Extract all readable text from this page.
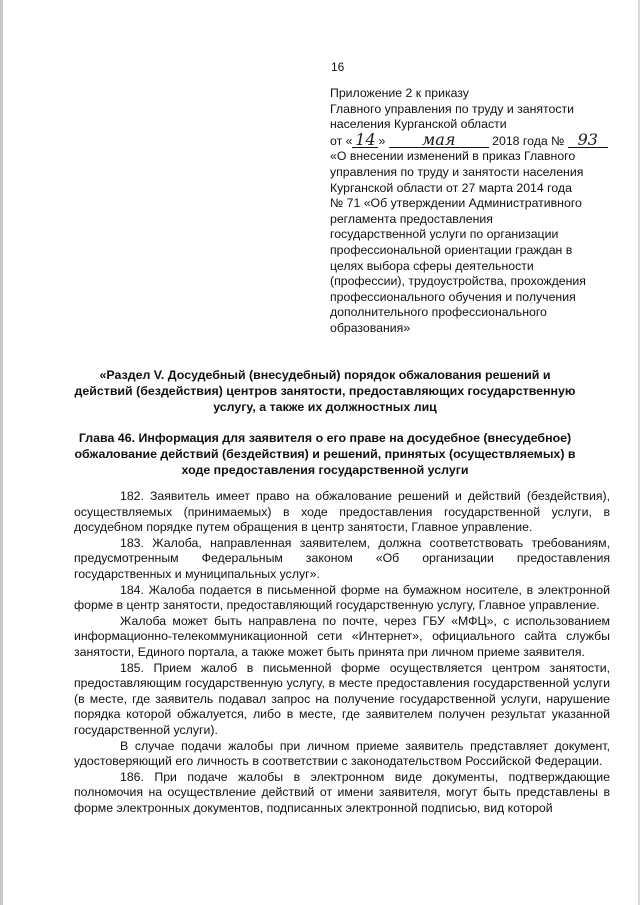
16
Приложение 2 к приказу
Главного управления по труду и занятости
населения Курганской области
от « 14 » мая	2018 года № 93
«О внесении изменений в приказ Главного
управления по труду и занятости населения
Курганской области от 27 марта 2014 года
№ 71 «Об утверждении Административного
регламента предоставления
государственной услуги по организации
профессиональной ориентации граждан в
целях выбора сферы деятельности
(профессии), трудоустройства, прохождения
профессионального обучения и получения
дополнительного профессионального
образования»
«Раздел V. Досудебный (внесудебный) порядок обжалования решений и действий (бездействия) центров занятости, предоставляющих государственную услугу, а также их должностных лиц
Глава 46. Информация для заявителя о его праве на досудебное (внесудебное) обжалование действий (бездействия) и решений, принятых (осуществляемых) в ходе предоставления государственной услуги

182. Заявитель имеет право на обжалование решений и действий (бездействия), осуществляемых (принимаемых) в ходе предоставления государственной услуги, в досудебном порядке путем обращения в центр занятости, Главное управление.

183. Жалоба, направленная заявителем, должна соответствовать требованиям, предусмотренным Федеральным законом «Об организации предоставления государственных и муниципальных услуг».

184. Жалоба подается в письменной форме на бумажном носителе, в электронной форме в центр занятости, предоставляющий государственную услугу, Главное управление.

Жалоба может быть направлена по почте, через ГБУ «МФЦ», с использованием информационно-телекоммуникационной сети «Интернет», официального сайта службы занятости, Единого портала, а также может быть принята при личном приеме заявителя.

185. Прием жалоб в письменной форме осуществляется центром занятости, предоставляющим государственную услугу, в месте предоставления государственной услуги (в месте, где заявитель подавал запрос на получение государственной услуги, нарушение порядка которой обжалуется, либо в месте, где заявителем получен результат указанной государственной услуги).

В случае подачи жалобы при личном приеме заявитель представляет документ, удостоверяющий его личность в соответствии с законодательством Российской Федерации.

186. При подаче жалобы в электронном виде документы, подтверждающие полномочия на осуществление действий от имени заявителя, могут быть представлены в форме электронных документов, подписанных электронной подписью, вид которой
